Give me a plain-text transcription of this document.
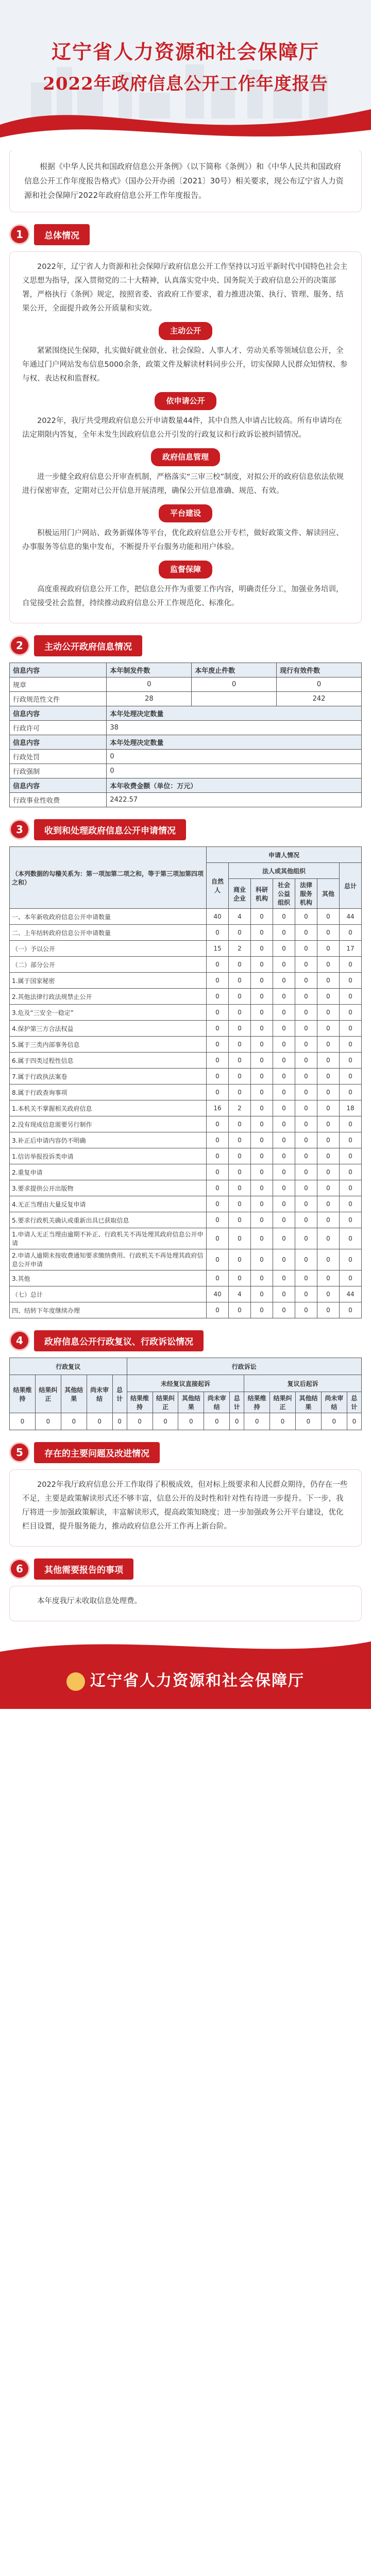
辽宁省人力资源和社会保障厅
2022年政府信息公开工作年度报告
根据《中华人民共和国政府信息公开条例》（以下简称《条例》）和《中华人民共和国政府信息公开工作年度报告格式》（国办公开办函〔2021〕30号）相关要求，现公布辽宁省人力资源和社会保障厅2022年政府信息公开工作年度报告。
1	总体情况

2022年，辽宁省人力资源和社会保障厅政府信息公开工作坚持以习近平新时代中国特色社会主义思想为指导，深入贯彻党的二十大精神，认真落实党中央、国务院关于政府信息公开的决策部署，严格执行《条例》规定，按照省委、省政府工作要求，着力推进决策、执行、管理、服务、结果公开，全面提升政务公开质量和实效。

主动公开

紧紧围绕民生保障，扎实做好就业创业、社会保险、人事人才、劳动关系等领域信息公开，全年通过门户网站发布信息5000余条，政策文件及解读材料同步公开，切实保障人民群众知情权、参与权、表达权和监督权。

依申请公开

2022年，我厅共受理政府信息公开申请数量44件，其中自然人申请占比较高。所有申请均在法定期限内答复，全年未发生因政府信息公开引发的行政复议和行政诉讼被纠错情况。

政府信息管理

进一步健全政府信息公开审查机制，严格落实“三审三校”制度，对拟公开的政府信息依法依规进行保密审查，定期对已公开信息开展清理，确保公开信息准确、规范、有效。

平台建设

积极运用门户网站、政务新媒体等平台，优化政府信息公开专栏，做好政策文件、解读回应、办事服务等信息的集中发布，不断提升平台服务功能和用户体验。

监督保障

高度重视政府信息公开工作，把信息公开作为重要工作内容，明确责任分工，加强业务培训，自觉接受社会监督，持续推动政府信息公开工作规范化、标准化。

2	主动公开政府信息情况
信息内容	本年制发件数	本年废止件数	现行有效件数
规章	0	0	0
行政规范性文件	28		242
信息内容	本年处理决定数量		
行政许可	38		
信息内容	本年处理决定数量		
行政处罚	0		
行政强制	0		
信息内容	本年收费金额（单位：万元）		
行政事业性收费	2422.57		
3	收到和处理政府信息公开申请情况
（本列数据的勾稽关系为：第一项加第二项之和，等于第三项加第四项之和）	申请人情况						
	自然人	法人或其他组织					总计
		商业企业	科研机构	社会公益组织	法律服务机构	其他	
一、本年新收政府信息公开申请数量	40	4	0	0	0	0	44
二、上年结转政府信息公开申请数量	0	0	0	0	0	0	0
（一）予以公开	15	2	0	0	0	0	17
（二）部分公开	0	0	0	0	0	0	0
1.属于国家秘密	0	0	0	0	0	0	0
2.其他法律行政法规禁止公开	0	0	0	0	0	0	0
3.危及“三安全一稳定”	0	0	0	0	0	0	0
4.保护第三方合法权益	0	0	0	0	0	0	0
5.属于三类内部事务信息	0	0	0	0	0	0	0
6.属于四类过程性信息	0	0	0	0	0	0	0
7.属于行政执法案卷	0	0	0	0	0	0	0
8.属于行政查询事项	0	0	0	0	0	0	0
1.本机关不掌握相关政府信息	16	2	0	0	0	0	18
2.没有现成信息需要另行制作	0	0	0	0	0	0	0
3.补正后申请内容仍不明确	0	0	0	0	0	0	0
1.信访举报投诉类申请	0	0	0	0	0	0	0
2.重复申请	0	0	0	0	0	0	0
3.要求提供公开出版物	0	0	0	0	0	0	0
4.无正当理由大量反复申请	0	0	0	0	0	0	0
5.要求行政机关确认或重新出具已获取信息	0	0	0	0	0	0	0
1.申请人无正当理由逾期不补正、行政机关不再处理其政府信息公开申请	0	0	0	0	0	0	0
2.申请人逾期未按收费通知要求缴纳费用、行政机关不再处理其政府信息公开申请	0	0	0	0	0	0	0
3.其他	0	0	0	0	0	0	0
（七）总计	40	4	0	0	0	0	44
四、结转下年度继续办理	0	0	0	0	0	0	0
4	政府信息公开行政复议、行政诉讼情况
行政复议					行政诉讼									
结果维持	结果纠正	其他结果	尚未审结	总计	未经复议直接起诉					复议后起诉				
					结果维持	结果纠正	其他结果	尚未审结	总计	结果维持	结果纠正	其他结果	尚未审结	总计
0	0	0	0	0	0	0	0	0	0	0	0	0	0	0
5	存在的主要问题及改进情况

2022年我厅政府信息公开工作取得了积极成效，但对标上级要求和人民群众期待，仍存在一些不足，主要是政策解读形式还不够丰富，信息公开的及时性和针对性有待进一步提升。下一步，我厅将进一步加强政策解读，丰富解读形式，提高政策知晓度；进一步加强政务公开平台建设，优化栏目设置，提升服务能力，推动政府信息公开工作再上新台阶。

6	其他需要报告的事项

本年度我厅未收取信息处理费。

辽宁省人力资源和社会保障厅
